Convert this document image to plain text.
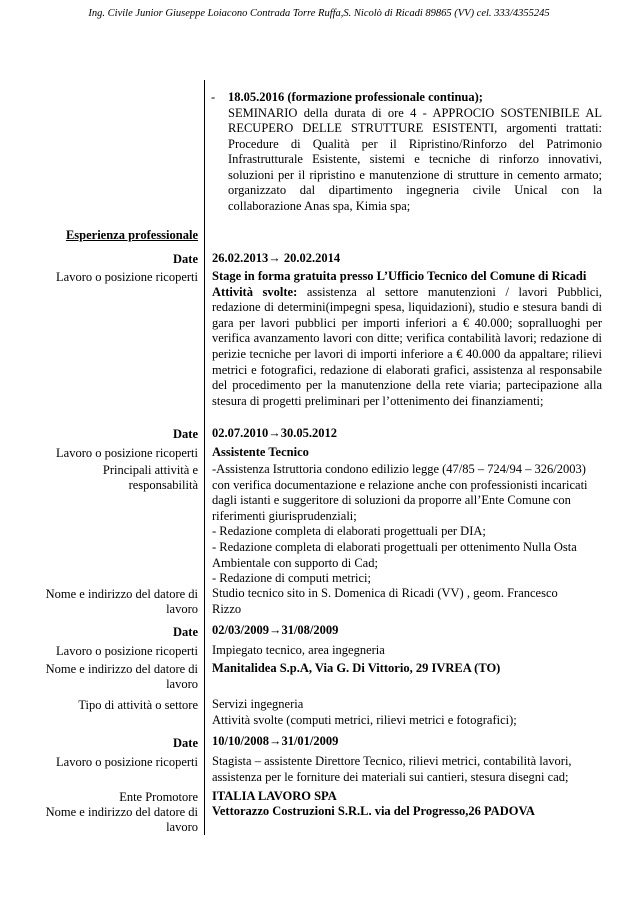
Ing. Civile Junior Giuseppe Loiacono Contrada Torre Ruffa,S. Nicolò di Ricadi 89865 (VV) cel. 333/4355245
- 18.05.2016 (formazione professionale continua);
SEMINARIO della durata di ore 4 - APPROCIO SOSTENIBILE AL RECUPERO DELLE STRUTTURE ESISTENTI, argomenti trattati: Procedure di Qualità per il Ripristino/Rinforzo del Patrimonio Infrastrutturale Esistente, sistemi e tecniche di rinforzo innovativi, soluzioni per il ripristino e manutenzione di strutture in cemento armato; organizzato dal dipartimento ingegneria civile Unical con la collaborazione Anas spa, Kimia spa;
Esperienza professionale
Date 26.02.2013→ 20.02.2014
Lavoro o posizione ricoperti Stage in forma gratuita presso L’Ufficio Tecnico del Comune di Ricadi
Attività svolte: assistenza al settore manutenzioni / lavori Pubblici, redazione di determini(impegni spesa, liquidazioni), studio e stesura bandi di gara per lavori pubblici per importi inferiori a € 40.000; sopralluoghi per verifica avanzamento lavori con ditte; verifica contabilità lavori; redazione di perizie tecniche per lavori di importi inferiore a € 40.000 da appaltare; rilievi metrici e fotografici, redazione di elaborati grafici, assistenza al responsabile del procedimento per la manutenzione della rete viaria; partecipazione alla stesura di progetti preliminari per l’ottenimento dei finanziamenti;
Date 02.07.2010→30.05.2012
Lavoro o posizione ricoperti Assistente Tecnico
Principali attività e responsabilità
-Assistenza Istruttoria condono edilizio legge (47/85 – 724/94 – 326/2003) con verifica documentazione e relazione anche con professionisti incaricati dagli istanti e suggeritore di soluzioni da proporre all’Ente Comune con riferimenti giurisprudenziali;
- Redazione completa di elaborati progettuali per DIA;
- Redazione completa di elaborati progettuali per ottenimento Nulla Osta Ambientale con supporto di Cad;
- Redazione di computi metrici;
Nome e indirizzo del datore di lavoro
Studio tecnico sito in S. Domenica di Ricadi (VV) , geom. Francesco Rizzo
Date 02/03/2009→31/08/2009
Lavoro o posizione ricoperti Impiegato tecnico, area ingegneria
Nome e indirizzo del datore di lavoro
Manitalidea S.p.A, Via G. Di Vittorio, 29 IVREA (TO)
Tipo di attività o settore Servizi ingegneria
Attività svolte (computi metrici, rilievi metrici e fotografici);
Date 10/10/2008→31/01/2009
Lavoro o posizione ricoperti Stagista – assistente Direttore Tecnico, rilievi metrici, contabilità lavori, assistenza per le forniture dei materiali sui cantieri, stesura disegni cad;
Ente Promotore ITALIA LAVORO SPA
Nome e indirizzo del datore di lavoro
Vettorazzo Costruzioni S.R.L. via del Progresso,26 PADOVA
